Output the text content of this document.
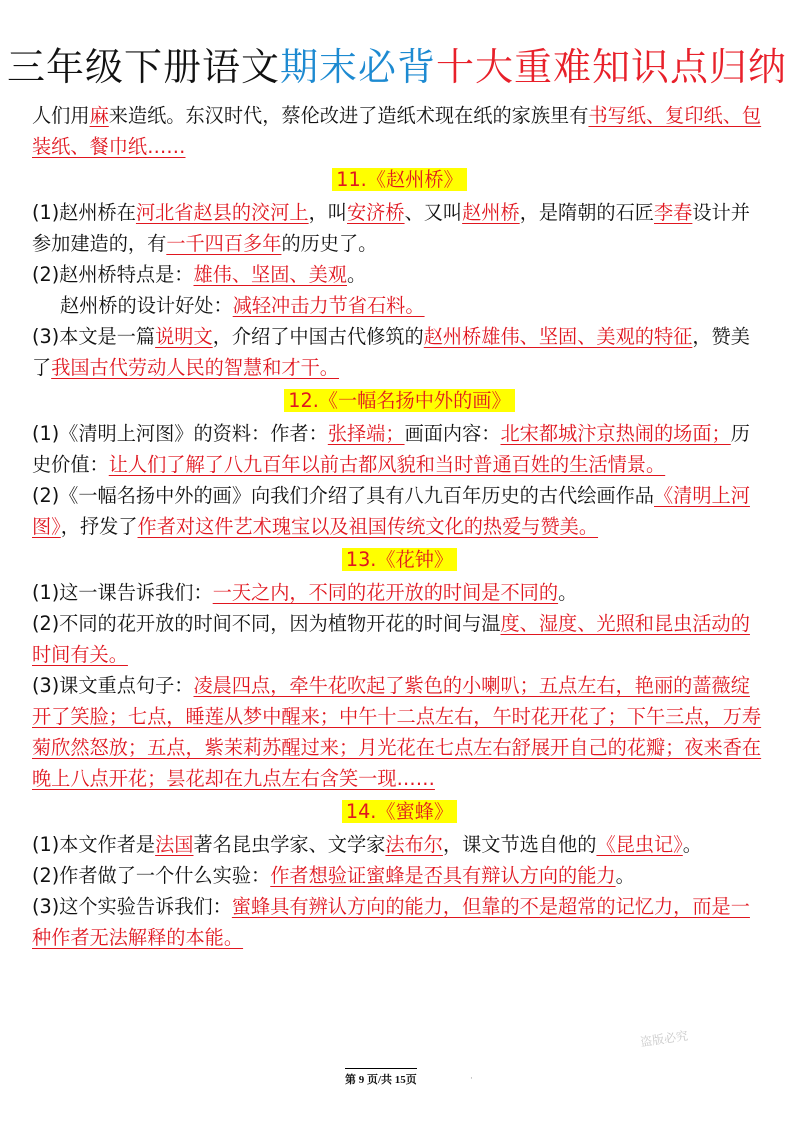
三年级下册语文期末必背十大重难知识点归纳

人们用麻来造纸。东汉时代，蔡伦改进了造纸术现在纸的家族里有书写纸、复印纸、包装纸、餐巾纸……

11.《赵州桥》

(1)赵州桥在河北省赵县的洨河上，叫安济桥、又叫赵州桥，是隋朝的石匠李春设计并参加建造的，有一千四百多年的历史了。

(2)赵州桥特点是：雄伟、坚固、美观。

赵州桥的设计好处：减轻冲击力节省石料。

(3)本文是一篇说明文，介绍了中国古代修筑的赵州桥雄伟、坚固、美观的特征，赞美了我国古代劳动人民的智慧和才干。

12.《一幅名扬中外的画》

(1)《清明上河图》的资料：作者：张择端；画面内容：北宋都城汴京热闹的场面；历史价值：让人们了解了八九百年以前古都风貌和当时普通百姓的生活情景。

(2)《一幅名扬中外的画》向我们介绍了具有八九百年历史的古代绘画作品《清明上河图》，抒发了作者对这件艺术瑰宝以及祖国传统文化的热爱与赞美。

13.《花钟》

(1)这一课告诉我们：一天之内，不同的花开放的时间是不同的。

(2)不同的花开放的时间不同，因为植物开花的时间与温度、湿度、光照和昆虫活动的时间有关。

(3)课文重点句子：凌晨四点，牵牛花吹起了紫色的小喇叭；五点左右，艳丽的蔷薇绽开了笑脸；七点，睡莲从梦中醒来；中午十二点左右，午时花开花了；下午三点，万寿菊欣然怒放；五点，紫茉莉苏醒过来；月光花在七点左右舒展开自己的花瓣；夜来香在晚上八点开花；昙花却在九点左右含笑一现……

14.《蜜蜂》

(1)本文作者是法国著名昆虫学家、文学家法布尔，课文节选自他的《昆虫记》。

(2)作者做了一个什么实验：作者想验证蜜蜂是否具有辩认方向的能力。

(3)这个实验告诉我们：蜜蜂具有辨认方向的能力，但靠的不是超常的记忆力，而是一种作者无法解释的本能。

盗版必究
第 9 页/共 15页	·
